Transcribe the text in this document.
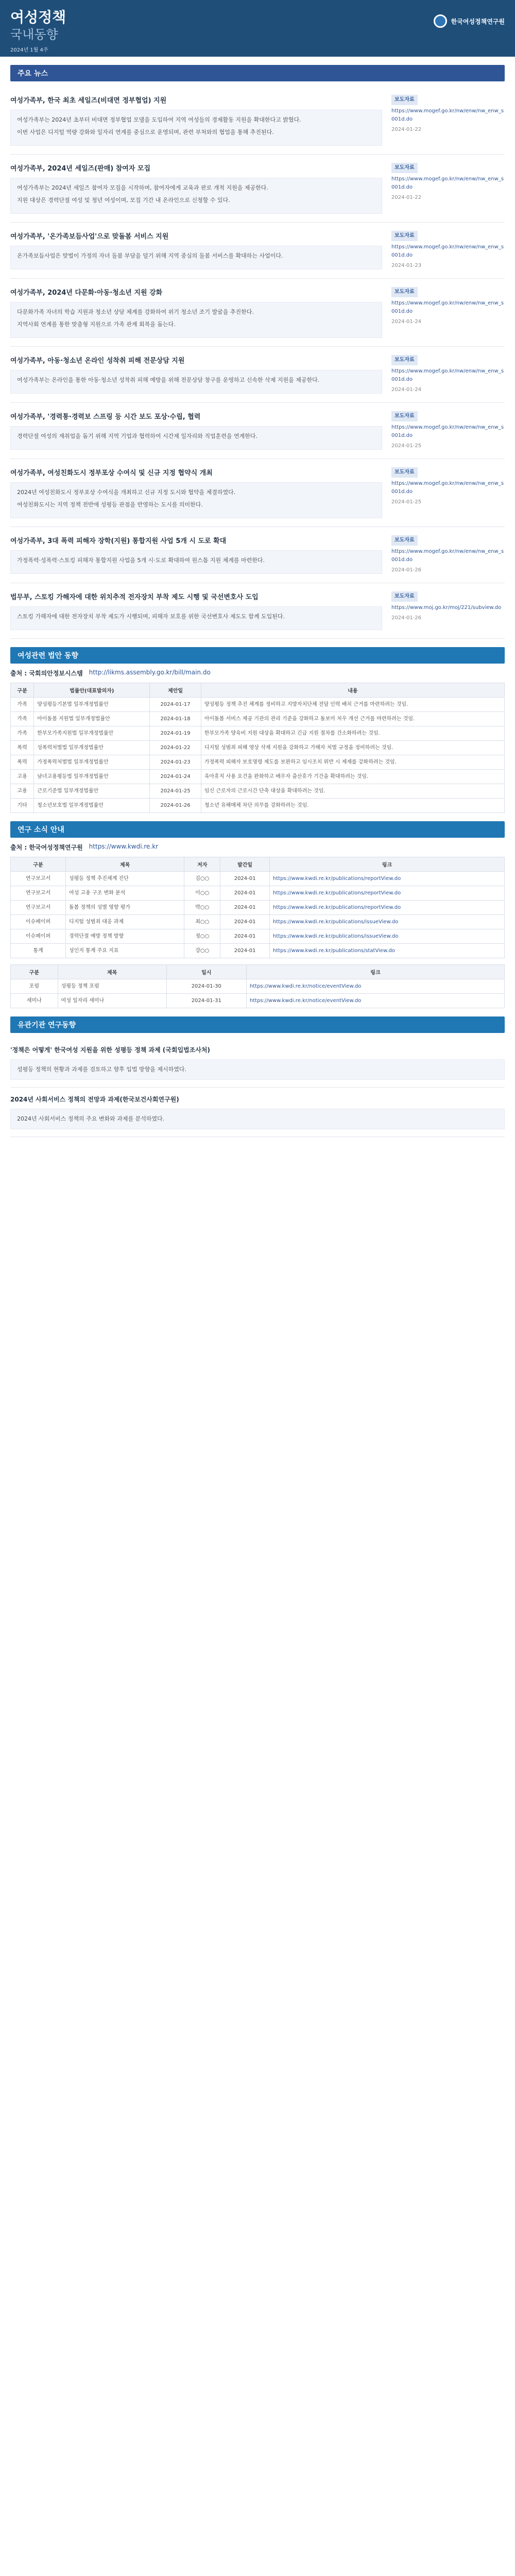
여성정책
국내동향
2024년 1월 4주
한국여성정책연구원
주요 뉴스
여성가족부, 한국 최초 세일즈(비대면 정부협업) 지원

여성가족부는 2024년 초부터 비대면 정부협업 모델을 도입하여 지역 여성들의 경제활동 지원을 확대한다고 밝혔다.

이번 사업은 디지털 역량 강화와 일자리 연계를 중심으로 운영되며, 관련 부처와의 협업을 통해 추진된다.

보도자료
https://www.mogef.go.kr/nw/enw/nw_enw_s001d.do
2024-01-22
여성가족부, 2024년 세일즈(판매) 참여자 모집

여성가족부는 2024년 세일즈 참여자 모집을 시작하며, 참여자에게 교육과 판로 개척 지원을 제공한다.

지원 대상은 경력단절 여성 및 청년 여성이며, 모집 기간 내 온라인으로 신청할 수 있다.

보도자료
https://www.mogef.go.kr/nw/enw/nw_enw_s001d.do
2024-01-22
여성가족부, '온가족보듬사업'으로 맞돌봄 서비스 지원

온가족보듬사업은 맞벌이 가정의 자녀 돌봄 부담을 덜기 위해 지역 중심의 돌봄 서비스를 확대하는 사업이다.

보도자료
https://www.mogef.go.kr/nw/enw/nw_enw_s001d.do
2024-01-23
여성가족부, 2024년 다문화·아동·청소년 지원 강화

다문화가족 자녀의 학습 지원과 청소년 상담 체계를 강화하여 위기 청소년 조기 발굴을 추진한다.

지역사회 연계를 통한 맞춤형 지원으로 가족 관계 회복을 돕는다.

보도자료
https://www.mogef.go.kr/nw/enw/nw_enw_s001d.do
2024-01-24
여성가족부, 아동·청소년 온라인 성착취 피해 전문상담 지원

여성가족부는 온라인을 통한 아동·청소년 성착취 피해 예방을 위해 전문상담 창구를 운영하고 신속한 삭제 지원을 제공한다.

보도자료
https://www.mogef.go.kr/nw/enw/nw_enw_s001d.do
2024-01-24
여성가족부, '경력통·경력보 스프링 등 시간 보도 포상·수립, 협력

경력단절 여성의 재취업을 돕기 위해 지역 기업과 협력하여 시간제 일자리와 직업훈련을 연계한다.

보도자료
https://www.mogef.go.kr/nw/enw/nw_enw_s001d.do
2024-01-25
여성가족부, 여성친화도시 정부포상 수여식 및 신규 지정 협약식 개최

2024년 여성친화도시 정부포상 수여식을 개최하고 신규 지정 도시와 협약을 체결하였다.

여성친화도시는 지역 정책 전반에 성평등 관점을 반영하는 도시를 의미한다.

보도자료
https://www.mogef.go.kr/nw/enw/nw_enw_s001d.do
2024-01-25
여성가족부, 3대 폭력 피해자 장학(지원) 통합지원 사업 5개 시 도로 확대

가정폭력·성폭력·스토킹 피해자 통합지원 사업을 5개 시·도로 확대하여 원스톱 지원 체계를 마련한다.

보도자료
https://www.mogef.go.kr/nw/enw/nw_enw_s001d.do
2024-01-26
법무부, 스토킹 가해자에 대한 위치추적 전자장치 부착 제도 시행 및 국선변호사 도입

스토킹 가해자에 대한 전자장치 부착 제도가 시행되며, 피해자 보호를 위한 국선변호사 제도도 함께 도입된다.

보도자료
https://www.moj.go.kr/moj/221/subview.do
2024-01-26
여성관련 법안 동향
출처 : 국회의안정보시스템 http://likms.assembly.go.kr/bill/main.do
구분	법률안(대표발의자)	제안일	내용
가족	양성평등기본법 일부개정법률안	2024-01-17	양성평등 정책 추진 체계를 정비하고 지방자치단체 전담 인력 배치 근거를 마련하려는 것임.
가족	아이돌봄 지원법 일부개정법률안	2024-01-18	아이돌봄 서비스 제공 기관의 관리 기준을 강화하고 돌보미 처우 개선 근거를 마련하려는 것임.
가족	한부모가족지원법 일부개정법률안	2024-01-19	한부모가족 양육비 지원 대상을 확대하고 긴급 지원 절차를 간소화하려는 것임.
폭력	성폭력처벌법 일부개정법률안	2024-01-22	디지털 성범죄 피해 영상 삭제 지원을 강화하고 가해자 처벌 규정을 정비하려는 것임.
폭력	가정폭력처벌법 일부개정법률안	2024-01-23	가정폭력 피해자 보호명령 제도를 보완하고 임시조치 위반 시 제재를 강화하려는 것임.
고용	남녀고용평등법 일부개정법률안	2024-01-24	육아휴직 사용 요건을 완화하고 배우자 출산휴가 기간을 확대하려는 것임.
고용	근로기준법 일부개정법률안	2024-01-25	임신 근로자의 근로시간 단축 대상을 확대하려는 것임.
기타	청소년보호법 일부개정법률안	2024-01-26	청소년 유해매체 차단 의무를 강화하려는 것임.
연구 소식 안내
출처 : 한국여성정책연구원 https://www.kwdi.re.kr
구분	제목	저자	발간일	링크
연구보고서	성평등 정책 추진체계 진단	김○○	2024-01	https://www.kwdi.re.kr/publications/reportView.do
연구보고서	여성 고용 구조 변화 분석	이○○	2024-01	https://www.kwdi.re.kr/publications/reportView.do
연구보고서	돌봄 정책의 성별 영향 평가	박○○	2024-01	https://www.kwdi.re.kr/publications/reportView.do
이슈페이퍼	디지털 성범죄 대응 과제	최○○	2024-01	https://www.kwdi.re.kr/publications/issueView.do
이슈페이퍼	경력단절 예방 정책 방향	정○○	2024-01	https://www.kwdi.re.kr/publications/issueView.do
통계	성인지 통계 주요 지표	강○○	2024-01	https://www.kwdi.re.kr/publications/statView.do
구분	제목	일시	링크
포럼	성평등 정책 포럼	2024-01-30	https://www.kwdi.re.kr/notice/eventView.do
세미나	여성 일자리 세미나	2024-01-31	https://www.kwdi.re.kr/notice/eventView.do
유관기관 연구동향
'정책은 어떻게' 한국여성 지원을 위한 성평등 정책 과제 (국회입법조사처)
성평등 정책의 현황과 과제를 검토하고 향후 입법 방향을 제시하였다.
2024년 사회서비스 정책의 전망과 과제(한국보건사회연구원)
2024년 사회서비스 정책의 주요 변화와 과제를 분석하였다.
